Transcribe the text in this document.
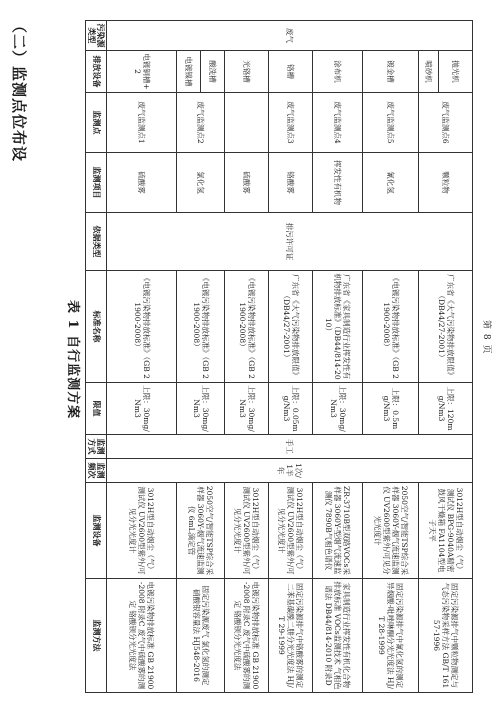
（二）监测点位布设
表 1 自行监测方案	第 8 页
污染源类型	排放设备	监测点	监测项目	依据类型	标准名称	限值	监测方式	监测频次	监测设备	监测方法

废气	电镀铜槽+2	废气监测点1	硫酸雾	排污许可证	《电镀污染物排放标准》（GB 21900-2008）	上限：30mg/Nm3	手工	1次/1半年	3012H型自动烟尘（气）测试仪 UV2600型紫外/可见分光光度计	电镀污染物排放标准 GB 21900-2008 附录C 废气中硫酸雾的测定 铬酸钡分光光度法

	电镀镍槽	废气监测点2	氯化氢		《电镀污染物排放标准》（GB 21900-2008）	上限：30mg/Nm3			2050空气/智能TSP综合采样器 3060Y-烟气流速监测仪 6mL滴定管	固定污染源废气 氯化氢的测定 硝酸银容量法 HJ548-2016

	酸洗槽									

	光铬槽		硫酸雾		《电镀污染物排放标准》（GB 21900-2008）	上限：30mg/Nm3			3012H型自动烟尘（气）测试仪 UV2600型紫外/可见分光光度计	电镀污染物排放标准 GB 21900-2008 附录C 废气中硫酸雾的测定 铬酸钡分光光度法

	铬槽	废气监测点3	铬酸雾		广东省《大气污染物排放限值》（DB44/27-2001）	上限：0.05mg/Nm3			3012H型自动烟尘（气）测试仪 UV2600型紫外/可见分光光度计	固定污染源排气中铬酸雾的测定 二苯基碳酰二肼分光光度法 HJ/T 29-1999

	涂布机	废气监测点4	挥发性有机物		广东省《家具制造行业挥发性有机物排放标准》（DB44/814-2010）	上限：30mg/Nm3			ZR-3710B型双路VOCs采样器 3060Y-型烟气流速监测仪 7890B气相色谱仪	家具制造行业挥发性有机化合物排放标准 VOCs监测技术 气相色谱法 DB44/814-2010 附录D

	镀金槽	废气监测点5	氰化氢		《电镀污染物排放标准》（GB 21900-2008）	上限：0.5mg/Nm3			2050空气/智能TSP综合采样器 3060Y-烟气流速监测仪 UV2600型紫外/可见分光光度计	固定污染源排气中氰化氢的测定 异烟酸-吡唑啉酮分光光度法 HJ/T 28-1999

	喷砂机	废气监测点6	颗粒物		广东省《大气污染物排放限值》（DB44/27-2001）	上限：120mg/Nm3			3012H型自动烟尘（气）测试仪 BPG-9040A精密鼓风干燥箱 FA1104型电子天平	固定污染源排气中颗粒物测定与气态污染物采样方法 GB/T 16157-1996

	抛光机									
